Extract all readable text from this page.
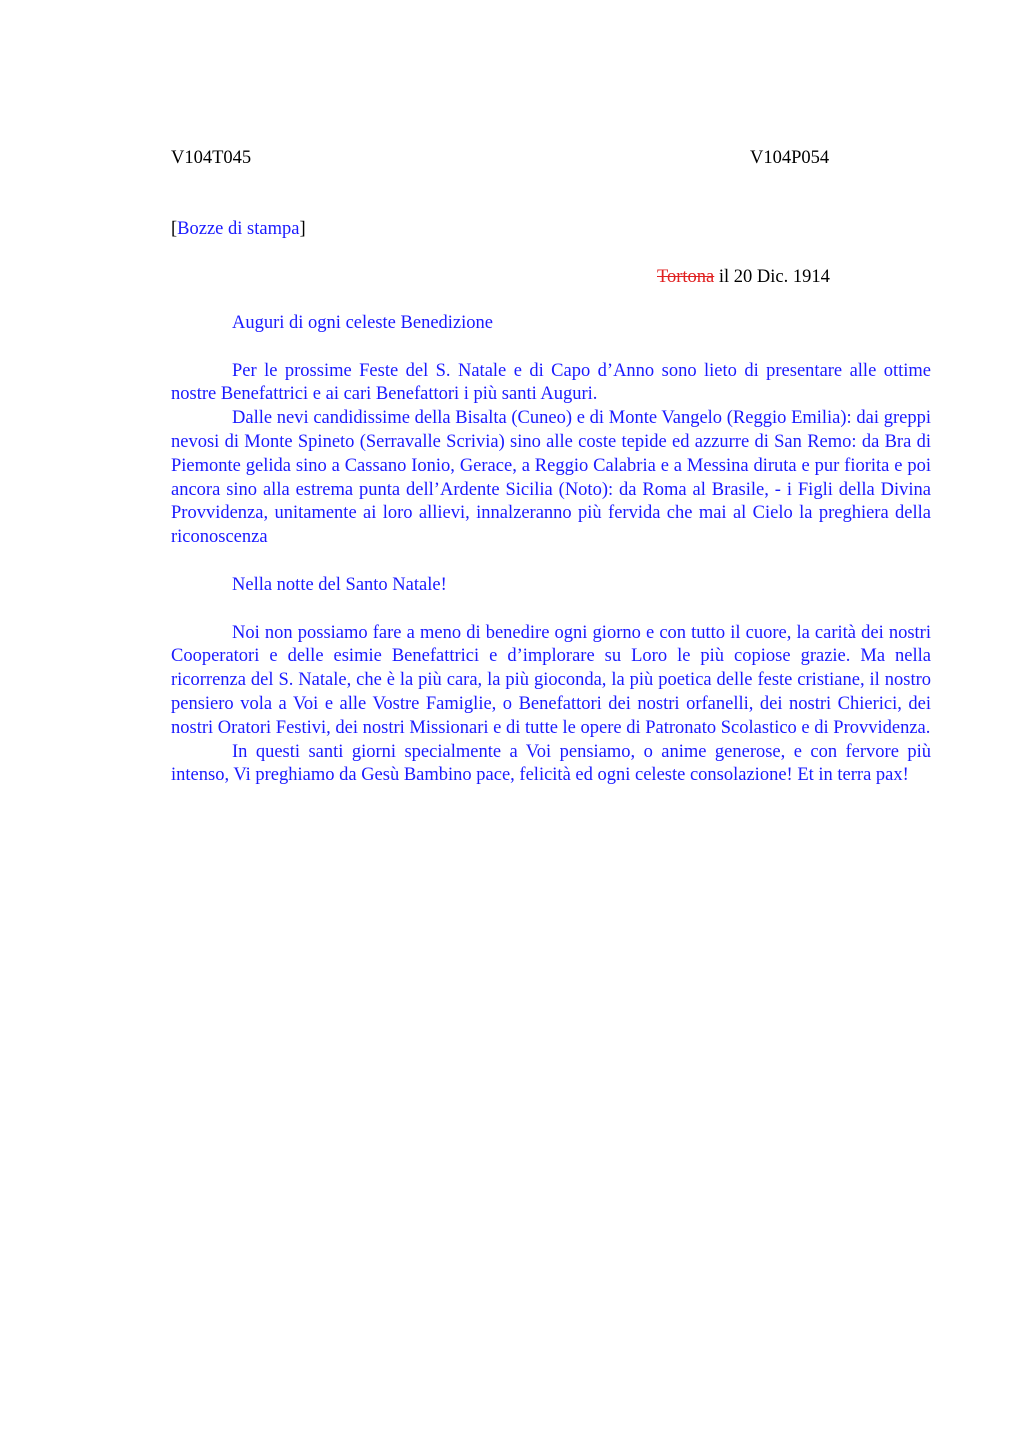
V104T045	V104P054
[Bozze di stampa]
Tortona il 20 Dic. 1914

Auguri di ogni celeste Benedizione

Per le prossime Feste del S. Natale e di Capo d’Anno sono lieto di presentare alle ottime nostre Benefattrici e ai cari Benefattori i più santi Auguri.

Dalle nevi candidissime della Bisalta (Cuneo) e di Monte Vangelo (Reggio Emilia): dai greppi nevosi di Monte Spineto (Serravalle Scrivia) sino alle coste tepide ed azzurre di San Remo: da Bra di Piemonte gelida sino a Cassano Ionio, Gerace, a Reggio Calabria e a Messina diruta e pur fiorita e poi ancora sino alla estrema punta dell’Ardente Sicilia (Noto): da Roma al Brasile, - i Figli della Divina Provvidenza, unitamente ai loro allievi, innalzeranno più fervida che mai al Cielo la preghiera della riconoscenza

Nella notte del Santo Natale!

Noi non possiamo fare a meno di benedire ogni giorno e con tutto il cuore, la carità dei nostri Cooperatori e delle esimie Benefattrici e d’implorare su Loro le più copiose grazie. Ma nella ricorrenza del S. Natale, che è la più cara, la più gioconda, la più poetica delle feste cristiane, il nostro pensiero vola a Voi e alle Vostre Famiglie, o Benefattori dei nostri orfanelli, dei nostri Chierici, dei nostri Oratori Festivi, dei nostri Missionari e di tutte le opere di Patronato Scolastico e di Provvidenza.

In questi santi giorni specialmente a Voi pensiamo, o anime generose, e con fervore più intenso, Vi preghiamo da Gesù Bambino pace, felicità ed ogni celeste consolazione! Et in terra pax!
